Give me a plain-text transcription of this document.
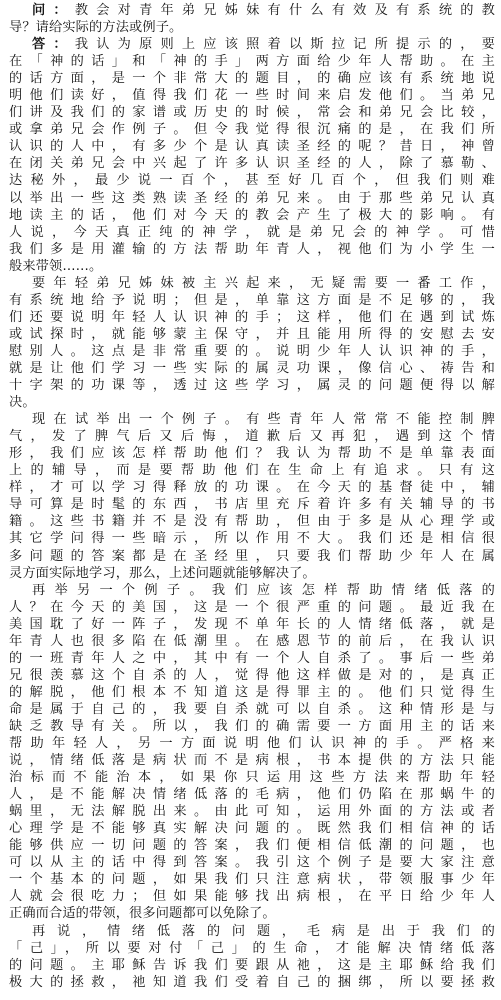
问：教会对青年弟兄姊妹有什么有效及有系统的教
导？请给实际的方法或例子。
答：我认为原则上应该照着以斯拉记所提示的，要
在「神的话」和「神的手」两方面给少年人帮助。在主
的话方面，是一个非常大的题目，的确应该有系统地说
明他们读好，值得我们花一些时间来启发他们。当弟兄
们讲及我们的家谱或历史的时候，常会和弟兄会比较，
或拿弟兄会作例子。但令我觉得很沉痛的是，在我们所
认识的人中，有多少个是认真读圣经的呢？昔日，神曾
在闭关弟兄会中兴起了许多认识圣经的人，除了慕勒、
达秘外，最少说一百个，甚至好几百个，但我们则难
以举出一些这类熟读圣经的弟兄来。由于那些弟兄认真
地读主的话，他们对今天的教会产生了极大的影响。有
人说，今天真正纯的神学，就是弟兄会的神学。可惜
我们多是用灌输的方法帮助年青人，视他们为小学生一
般来带领……。
要年轻弟兄姊妹被主兴起来，无疑需要一番工作，
有系统地给予说明；但是，单靠这方面是不足够的，我
们还要说明年轻人认识神的手；这样，他们在遇到试炼
或试探时，就能够蒙主保守，并且能用所得的安慰去安
慰别人。这点是非常重要的。说明少年人认识神的手，
就是让他们学习一些实际的属灵功课，像信心、祷告和
十字架的功课等，透过这些学习，属灵的问题便得以解
决。
现在试举出一个例子。有些青年人常常不能控制脾
气，发了脾气后又后悔，道歉后又再犯，遇到这个情
形，我们应该怎样帮助他们？我认为帮助不是单靠表面
上的辅导，而是要帮助他们在生命上有追求。只有这
样，才可以学习得释放的功课。在今天的基督徒中，辅
导可算是时髦的东西，书店里充斥着许多有关辅导的书
籍。这些书籍并不是没有帮助，但由于多是从心理学或
其它学问得一些暗示，所以作用不大。我们还是相信很
多问题的答案都是在圣经里，只要我们帮助少年人在属
灵方面实际地学习，那么，上述问题就能够解决了。
再举另一个例子。我们应该怎样帮助情绪低落的
人？在今天的美国，这是一个很严重的问题。最近我在
美国耽了好一阵子，发现不单年长的人情绪低落，就是
年青人也很多陷在低潮里。在感恩节的前后，在我认识
的一班青年人之中，其中有一个人自杀了。事后一些弟
兄很羡慕这个自杀的人，觉得他这样做是对的，是真正
的解脱，他们根本不知道这是得罪主的。他们只觉得生
命是属于自己的，我要自杀就可以自杀。这种情形是与
缺乏教导有关。所以，我们的确需要一方面用主的话来
帮助年轻人，另一方面说明他们认识神的手。严格来
说，情绪低落是病状而不是病根，书本提供的方法只能
治标而不能治本，如果你只运用这些方法来帮助年轻
人，是不能解决情绪低落的毛病，他们仍陷在那蜗牛的
蜗里，无法解脱出来。由此可知，运用外面的方法或者
心理学是不能够真实解决问题的。既然我们相信神的话
能够供应一切问题的答案，我们便相信低潮的问题，也
可以从主的话中得到答案。我引这个例子是要大家注意
一个基本的问题，如果我们只注意病状，带领服事少年
人就会很吃力；但如果能够找出病根，在平日给少年人
正确而合适的带领，很多问题都可以免除了。
再说，情绪低落的问题，毛病是出于我们的
「己」，所以要对付「己」的生命，才能解决情绪低落
的问题。主耶稣告诉我们要跟从祂，这是主耶稣给我们
极大的拯救，祂知道我们受着自己的捆绑，所以要拯救
